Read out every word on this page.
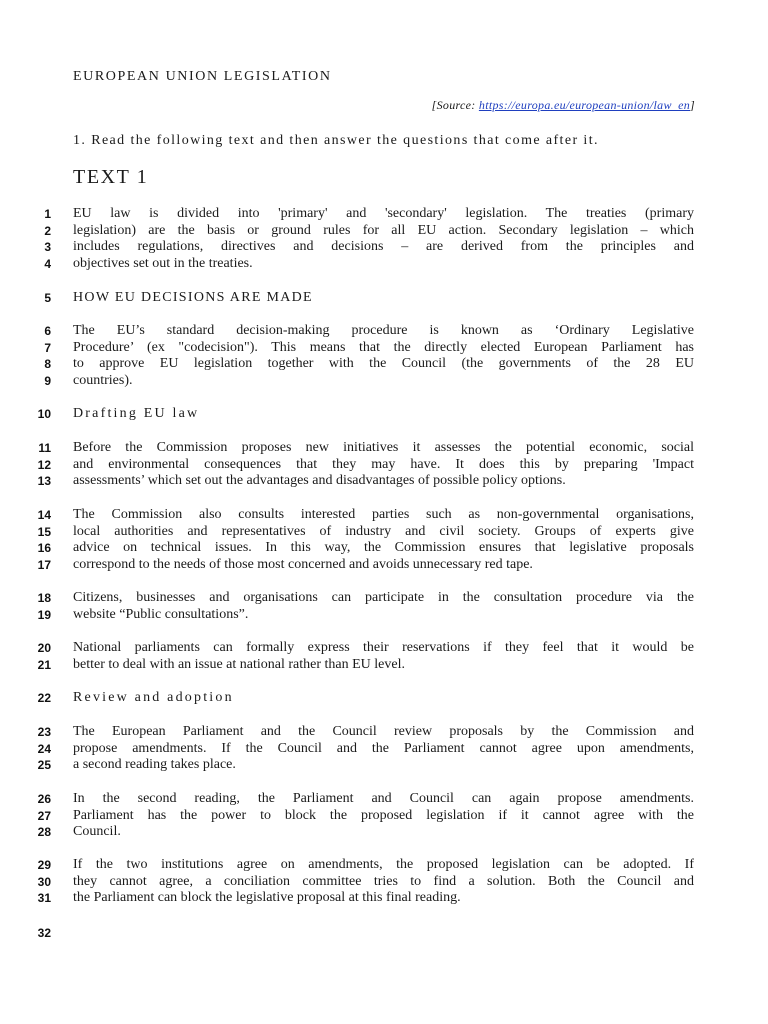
EUROPEAN UNION LEGISLATION
[Source: https://europa.eu/european-union/law_en]
1. Read the following text and then answer the questions that come after it.
TEXT 1
1 EU law is divided into 'primary' and 'secondary' legislation. The treaties (primary
2 legislation) are the basis or ground rules for all EU action. Secondary legislation – which
3 includes regulations, directives and decisions – are derived from the principles and
4 objectives set out in the treaties.
5 HOW EU DECISIONS ARE MADE
6 The EU’s standard decision-making procedure is known as ‘Ordinary Legislative
7 Procedure’ (ex "codecision"). This means that the directly elected European Parliament has
8 to approve EU legislation together with the Council (the governments of the 28 EU
9 countries).
10 Drafting EU law
11 Before the Commission proposes new initiatives it assesses the potential economic, social
12 and environmental consequences that they may have. It does this by preparing 'Impact
13 assessments’ which set out the advantages and disadvantages of possible policy options.
14 The Commission also consults interested parties such as non-governmental organisations,
15 local authorities and representatives of industry and civil society. Groups of experts give
16 advice on technical issues. In this way, the Commission ensures that legislative proposals
17 correspond to the needs of those most concerned and avoids unnecessary red tape.
18 Citizens, businesses and organisations can participate in the consultation procedure via the
19 website “Public consultations”.
20 National parliaments can formally express their reservations if they feel that it would be
21 better to deal with an issue at national rather than EU level.
22 Review and adoption
23 The European Parliament and the Council review proposals by the Commission and
24 propose amendments. If the Council and the Parliament cannot agree upon amendments,
25 a second reading takes place.
26 In the second reading, the Parliament and Council can again propose amendments.
27 Parliament has the power to block the proposed legislation if it cannot agree with the
28 Council.
29 If the two institutions agree on amendments, the proposed legislation can be adopted. If
30 they cannot agree, a conciliation committee tries to find a solution. Both the Council and
31 the Parliament can block the legislative proposal at this final reading.
32
